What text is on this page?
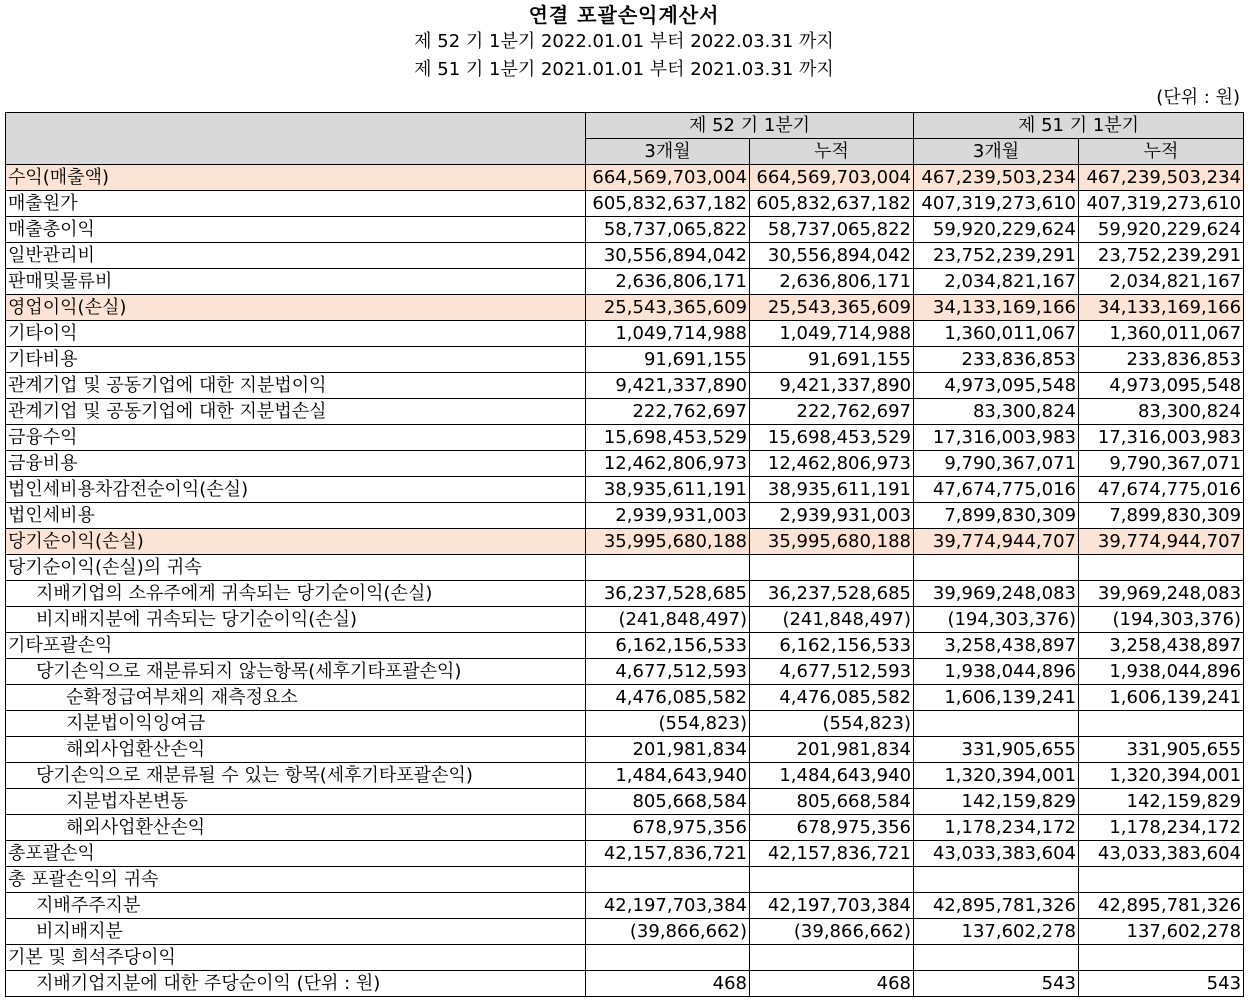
연결 포괄손익계산서
제 52 기 1분기 2022.01.01 부터 2022.03.31 까지
제 51 기 1분기 2021.01.01 부터 2021.03.31 까지
(단위 : 원)
	제 52 기 1분기		제 51 기 1분기	
	3개월	누적	3개월	누적
수익(매출액)	664,569,703,004	664,569,703,004	467,239,503,234	467,239,503,234
매출원가	605,832,637,182	605,832,637,182	407,319,273,610	407,319,273,610
매출총이익	58,737,065,822	58,737,065,822	59,920,229,624	59,920,229,624
일반관리비	30,556,894,042	30,556,894,042	23,752,239,291	23,752,239,291
판매및물류비	2,636,806,171	2,636,806,171	2,034,821,167	2,034,821,167
영업이익(손실)	25,543,365,609	25,543,365,609	34,133,169,166	34,133,169,166
기타이익	1,049,714,988	1,049,714,988	1,360,011,067	1,360,011,067
기타비용	91,691,155	91,691,155	233,836,853	233,836,853
관계기업 및 공동기업에 대한 지분법이익	9,421,337,890	9,421,337,890	4,973,095,548	4,973,095,548
관계기업 및 공동기업에 대한 지분법손실	222,762,697	222,762,697	83,300,824	83,300,824
금융수익	15,698,453,529	15,698,453,529	17,316,003,983	17,316,003,983
금융비용	12,462,806,973	12,462,806,973	9,790,367,071	9,790,367,071
법인세비용차감전순이익(손실)	38,935,611,191	38,935,611,191	47,674,775,016	47,674,775,016
법인세비용	2,939,931,003	2,939,931,003	7,899,830,309	7,899,830,309
당기순이익(손실)	35,995,680,188	35,995,680,188	39,774,944,707	39,774,944,707
당기순이익(손실)의 귀속				
지배기업의 소유주에게 귀속되는 당기순이익(손실)	36,237,528,685	36,237,528,685	39,969,248,083	39,969,248,083
비지배지분에 귀속되는 당기순이익(손실)	(241,848,497)	(241,848,497)	(194,303,376)	(194,303,376)
기타포괄손익	6,162,156,533	6,162,156,533	3,258,438,897	3,258,438,897
당기손익으로 재분류되지 않는항목(세후기타포괄손익)	4,677,512,593	4,677,512,593	1,938,044,896	1,938,044,896
순확정급여부채의 재측정요소	4,476,085,582	4,476,085,582	1,606,139,241	1,606,139,241
지분법이익잉여금	(554,823)	(554,823)		
해외사업환산손익	201,981,834	201,981,834	331,905,655	331,905,655
당기손익으로 재분류될 수 있는 항목(세후기타포괄손익)	1,484,643,940	1,484,643,940	1,320,394,001	1,320,394,001
지분법자본변동	805,668,584	805,668,584	142,159,829	142,159,829
해외사업환산손익	678,975,356	678,975,356	1,178,234,172	1,178,234,172
총포괄손익	42,157,836,721	42,157,836,721	43,033,383,604	43,033,383,604
총 포괄손익의 귀속				
지배주주지분	42,197,703,384	42,197,703,384	42,895,781,326	42,895,781,326
비지배지분	(39,866,662)	(39,866,662)	137,602,278	137,602,278
기본 및 희석주당이익				
지배기업지분에 대한 주당순이익 (단위 : 원)	468	468	543	543
